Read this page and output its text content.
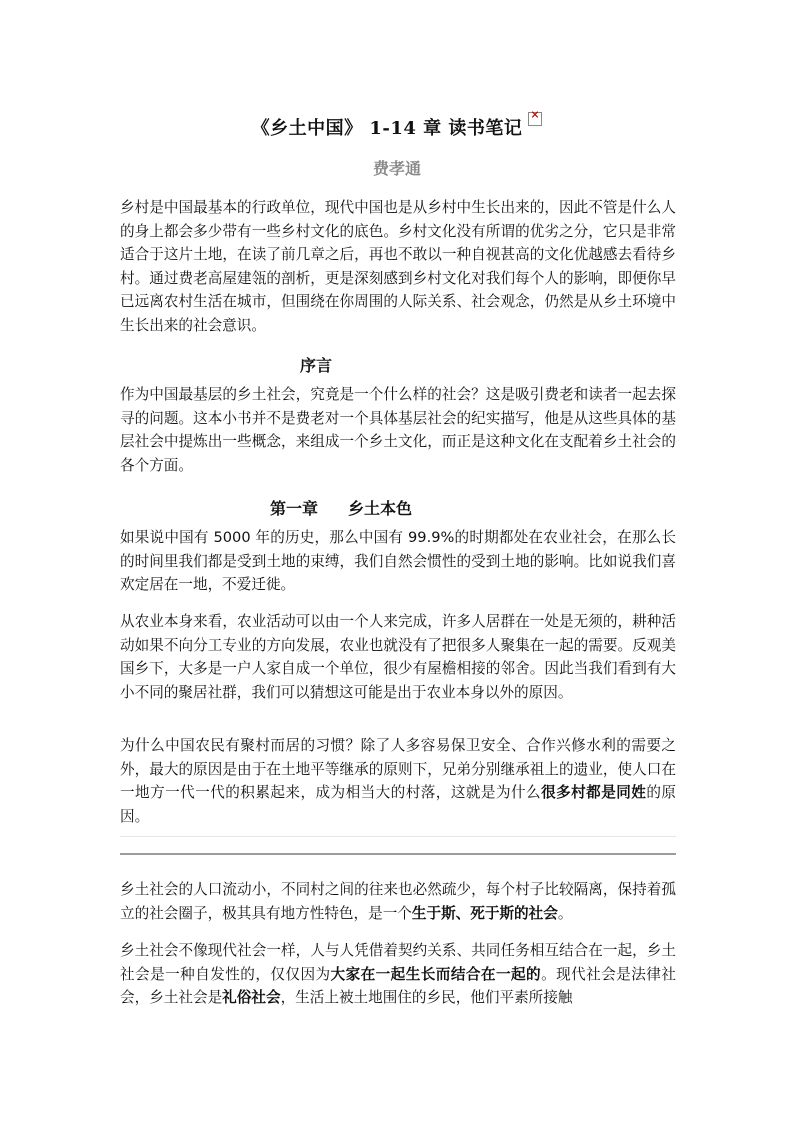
《乡土中国》 1-14 章 读书笔记×
费孝通

乡村是中国最基本的行政单位，现代中国也是从乡村中生长出来的，因此不管是什么人的身上都会多少带有一些乡村文化的底色。乡村文化没有所谓的优劣之分，它只是非常适合于这片土地，在读了前几章之后，再也不敢以一种自视甚高的文化优越感去看待乡村。通过费老高屋建瓴的剖析，更是深刻感到乡村文化对我们每个人的影响，即便你早已远离农村生活在城市，但围绕在你周围的人际关系、社会观念，仍然是从乡土环境中生长出来的社会意识。

序言

作为中国最基层的乡土社会，究竟是一个什么样的社会？这是吸引费老和读者一起去探寻的问题。这本小书并不是费老对一个具体基层社会的纪实描写，他是从这些具体的基层社会中提炼出一些概念，来组成一个乡土文化，而正是这种文化在支配着乡土社会的各个方面。

第一章 乡土本色

如果说中国有 5000 年的历史，那么中国有 99.9%的时期都处在农业社会，在那么长的时间里我们都是受到土地的束缚，我们自然会惯性的受到土地的影响。比如说我们喜欢定居在一地，不爱迁徙。

从农业本身来看，农业活动可以由一个人来完成，许多人居群在一处是无须的，耕种活动如果不向分工专业的方向发展，农业也就没有了把很多人聚集在一起的需要。反观美国乡下，大多是一户人家自成一个单位，很少有屋檐相接的邻舍。因此当我们看到有大小不同的聚居社群，我们可以猜想这可能是出于农业本身以外的原因。

为什么中国农民有聚村而居的习惯？除了人多容易保卫安全、合作兴修水利的需要之外，最大的原因是由于在土地平等继承的原则下，兄弟分别继承祖上的遗业，使人口在一地方一代一代的积累起来，成为相当大的村落，这就是为什么很多村都是同姓的原因。

乡土社会的人口流动小，不同村之间的往来也必然疏少，每个村子比较隔离，保持着孤立的社会圈子，极其具有地方性特色，是一个生于斯、死于斯的社会。

乡土社会不像现代社会一样，人与人凭借着契约关系、共同任务相互结合在一起，乡土社会是一种自发性的，仅仅因为大家在一起生长而结合在一起的。现代社会是法律社会，乡土社会是礼俗社会，生活上被土地围住的乡民，他们平素所接触
